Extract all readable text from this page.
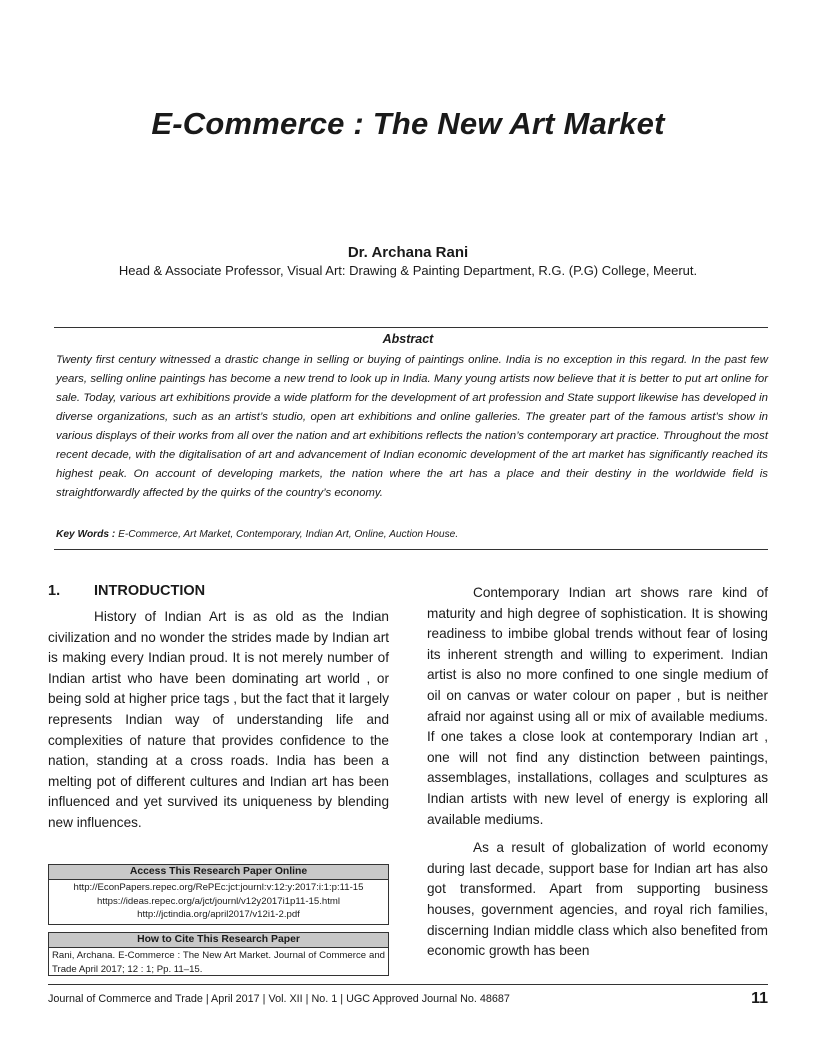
E-Commerce : The New Art Market
Dr. Archana Rani
Head & Associate Professor, Visual Art: Drawing & Painting Department, R.G. (P.G) College, Meerut.
Abstract
Twenty first century witnessed a drastic change in selling or buying of paintings online. India is no exception in this regard. In the past few years, selling online paintings has become a new trend to look up in India. Many young artists now believe that it is better to put art online for sale. Today, various art exhibitions provide a wide platform for the development of art profession and State support likewise has developed in diverse organizations, such as an artist’s studio, open art exhibitions and online galleries. The greater part of the famous artist’s show in various displays of their works from all over the nation and art exhibitions reflects the nation’s contemporary art practice. Throughout the most recent decade, with the digitalisation of art and advancement of Indian economic development of the art market has significantly reached its highest peak. On account of developing markets, the nation where the art has a place and their destiny in the worldwide field is straightforwardly affected by the quirks of the country’s economy.
Key Words : E-Commerce, Art Market, Contemporary, Indian Art, Online, Auction House.
1. INTRODUCTION
History of Indian Art is as old as the Indian civilization and no wonder the strides made by Indian art is making every Indian proud. It is not merely number of Indian artist who have been dominating art world , or being sold at higher price tags , but the fact that it largely represents Indian way of understanding life and complexities of nature that provides confidence to the nation, standing at a cross roads. India has been a melting pot of different cultures and Indian art has been influenced and yet survived its uniqueness by blending new influences.

Contemporary Indian art shows rare kind of maturity and high degree of sophistication. It is showing readiness to imbibe global trends without fear of losing its inherent strength and willing to experiment. Indian artist is also no more confined to one single medium of oil on canvas or water colour on paper , but is neither afraid nor against using all or mix of available mediums. If one takes a close look at contemporary Indian art , one will not find any distinction between paintings, assemblages, installations, collages and sculptures as Indian artists with new level of energy is exploring all available mediums.

As a result of globalization of world economy during last decade, support base for Indian art has also got transformed. Apart from supporting business houses, government agencies, and royal rich families, discerning Indian middle class which also benefited from economic growth has been

Access This Research Paper Online
http://EconPapers.repec.org/RePEc:jct:journl:v:12:y:2017:i:1:p:11-15
https://ideas.repec.org/a/jct/journl/v12y2017i1p11-15.html
http://jctindia.org/april2017/v12i1-2.pdf
How to Cite This Research Paper
Rani, Archana. E-Commerce : The New Art Market. Journal of Commerce and Trade April 2017; 12 : 1; Pp. 11–15.
Journal of Commerce and Trade | April 2017 | Vol. XII | No. 1 | UGC Approved Journal No. 48687	11
